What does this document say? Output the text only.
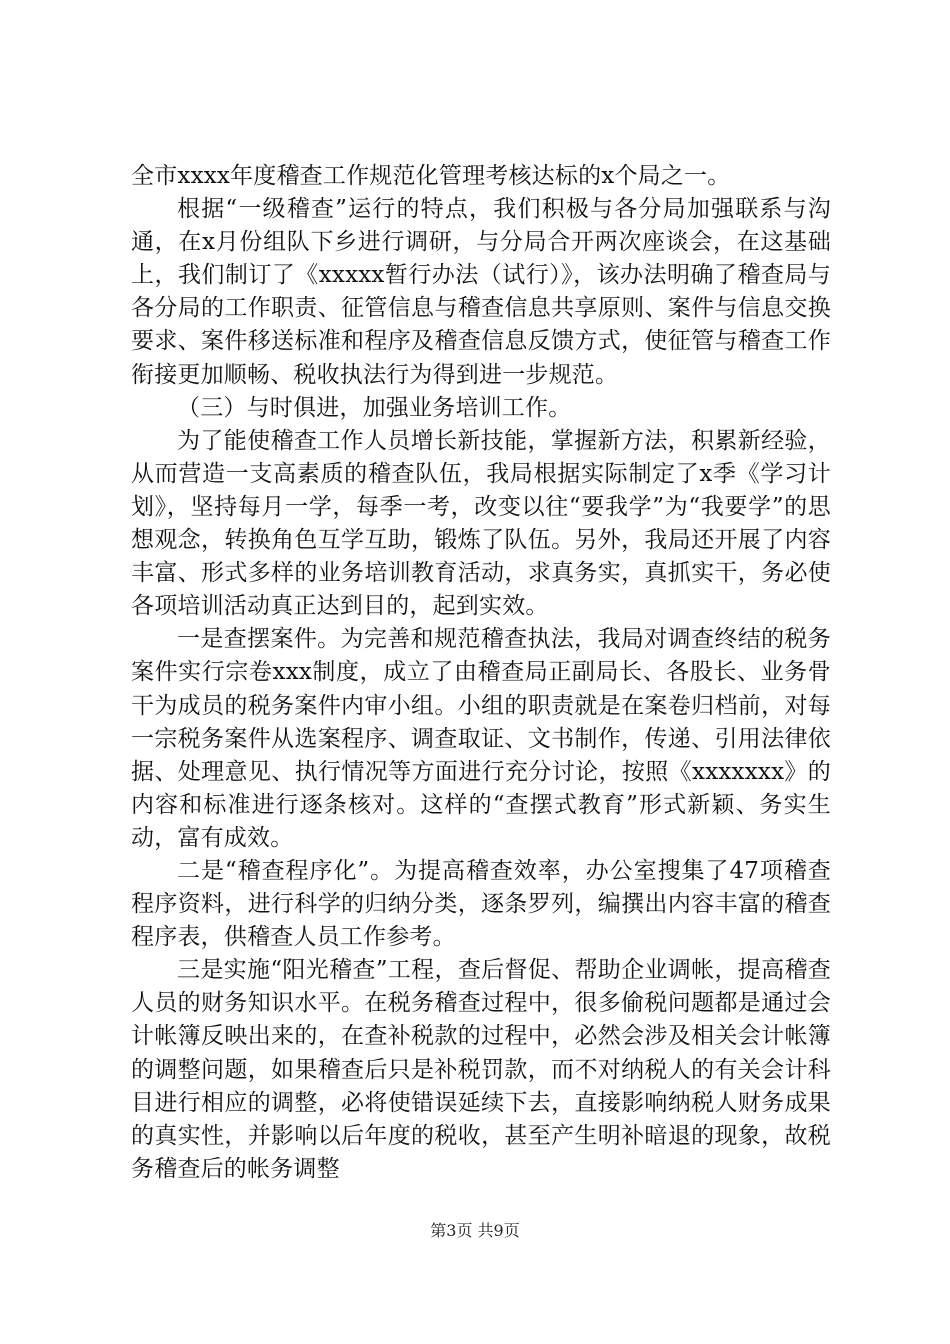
全市xxxx年度稽查工作规范化管理考核达标的x个局之一。

根据“一级稽查”运行的特点，我们积极与各分局加强联系与沟通，在x月份组队下乡进行调研，与分局合开两次座谈会，在这基础上，我们制订了《xxxxx暂行办法（试行）》，该办法明确了稽查局与各分局的工作职责、征管信息与稽查信息共享原则、案件与信息交换要求、案件移送标准和程序及稽查信息反馈方式，使征管与稽查工作衔接更加顺畅、税收执法行为得到进一步规范。

（三）与时俱进，加强业务培训工作。

为了能使稽查工作人员增长新技能，掌握新方法，积累新经验，从而营造一支高素质的稽查队伍，我局根据实际制定了x季《学习计划》，坚持每月一学，每季一考，改变以往“要我学”为“我要学”的思想观念，转换角色互学互助，锻炼了队伍。另外，我局还开展了内容丰富、形式多样的业务培训教育活动，求真务实，真抓实干，务必使各项培训活动真正达到目的，起到实效。

一是查摆案件。为完善和规范稽查执法，我局对调查终结的税务案件实行宗卷xxx制度，成立了由稽查局正副局长、各股长、业务骨干为成员的税务案件内审小组。小组的职责就是在案卷归档前，对每一宗税务案件从选案程序、调查取证、文书制作，传递、引用法律依据、处理意见、执行情况等方面进行充分讨论，按照《xxxxxxx》的内容和标准进行逐条核对。这样的“查摆式教育”形式新颖、务实生动，富有成效。

二是“稽查程序化”。为提高稽查效率，办公室搜集了47项稽查程序资料，进行科学的归纳分类，逐条罗列，编撰出内容丰富的稽查程序表，供稽查人员工作参考。

三是实施“阳光稽查”工程，查后督促、帮助企业调帐，提高稽查人员的财务知识水平。在税务稽查过程中，很多偷税问题都是通过会计帐簿反映出来的，在查补税款的过程中，必然会涉及相关会计帐簿的调整问题，如果稽查后只是补税罚款，而不对纳税人的有关会计科目进行相应的调整，必将使错误延续下去，直接影响纳税人财务成果的真实性，并影响以后年度的税收，甚至产生明补暗退的现象，故税务稽查后的帐务调整

第3页 共9页
